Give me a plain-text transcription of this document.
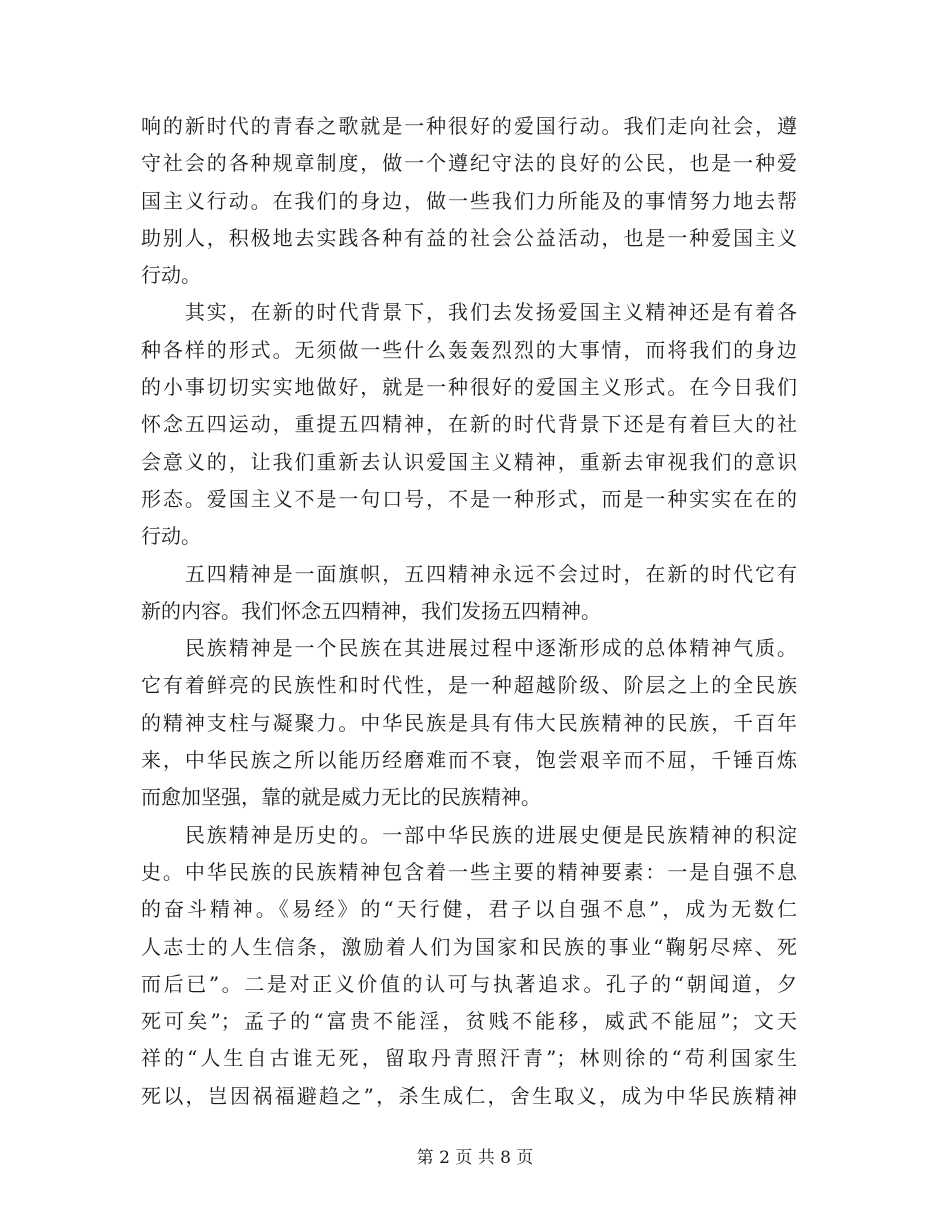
响的新时代的青春之歌就是一种很好的爱国行动。我们走向社会，遵
守社会的各种规章制度，做一个遵纪守法的良好的公民，也是一种爱
国主义行动。在我们的身边，做一些我们力所能及的事情努力地去帮
助别人，积极地去实践各种有益的社会公益活动，也是一种爱国主义
行动。
　　其实，在新的时代背景下，我们去发扬爱国主义精神还是有着各
种各样的形式。无须做一些什么轰轰烈烈的大事情，而将我们的身边
的小事切切实实地做好，就是一种很好的爱国主义形式。在今日我们
怀念五四运动，重提五四精神，在新的时代背景下还是有着巨大的社
会意义的，让我们重新去认识爱国主义精神，重新去审视我们的意识
形态。爱国主义不是一句口号，不是一种形式，而是一种实实在在的
行动。
　　五四精神是一面旗帜，五四精神永远不会过时，在新的时代它有
新的内容。我们怀念五四精神，我们发扬五四精神。
　　民族精神是一个民族在其进展过程中逐渐形成的总体精神气质。
它有着鲜亮的民族性和时代性，是一种超越阶级、阶层之上的全民族
的精神支柱与凝聚力。中华民族是具有伟大民族精神的民族，千百年
来，中华民族之所以能历经磨难而不衰，饱尝艰辛而不屈，千锤百炼
而愈加坚强，靠的就是威力无比的民族精神。
　　民族精神是历史的。一部中华民族的进展史便是民族精神的积淀
史。中华民族的民族精神包含着一些主要的精神要素：一是自强不息
的奋斗精神。《易经》的“天行健，君子以自强不息”，成为无数仁
人志士的人生信条，激励着人们为国家和民族的事业“鞠躬尽瘁、死
而后已”。二是对正义价值的认可与执著追求。孔子的“朝闻道，夕
死可矣”；孟子的“富贵不能淫，贫贱不能移，威武不能屈”；文天
祥的“人生自古谁无死，留取丹青照汗青”；林则徐的“苟利国家生
死以，岂因祸福避趋之”，杀生成仁，舍生取义，成为中华民族精神
第 2 页 共 8 页
